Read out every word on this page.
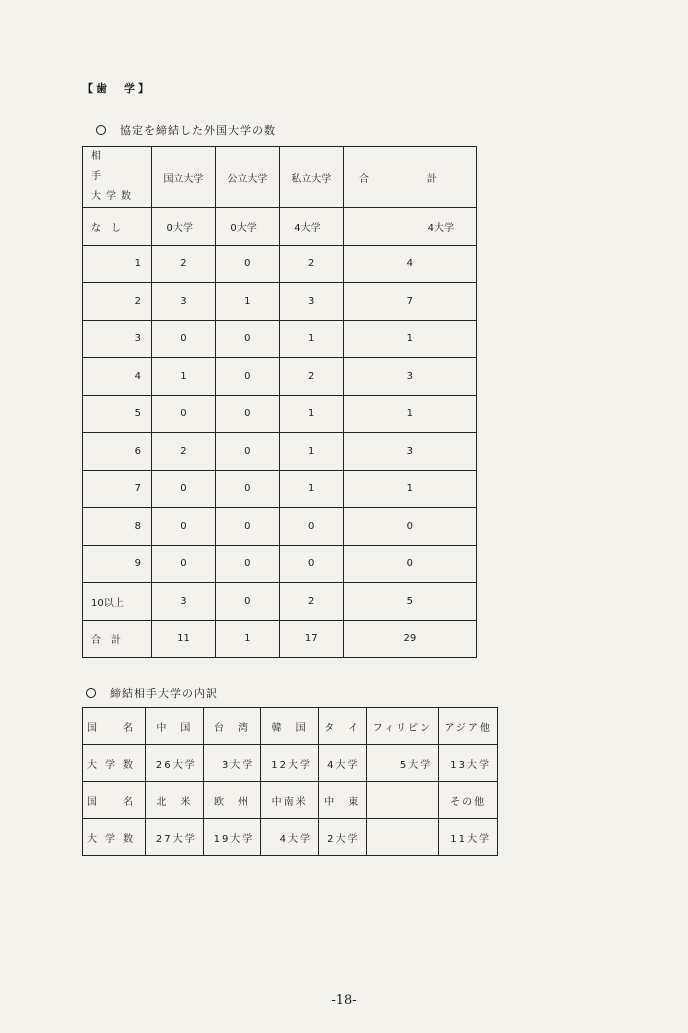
【歯　学】
協定を締結した外国大学の数
相　手
大学数	国立大学	公立大学	私立大学	合　計
な　し	0大学	0大学	4大学	4大学
1	2	0	2	4
2	3	1	3	7
3	0	0	1	1
4	1	0	2	3
5	0	0	1	1
6	2	0	1	3
7	0	0	1	1
8	0	0	0	0
9	0	0	0	0
10以上	3	0	2	5
合　計	11	1	17	29
締結相手大学の内訳
国　名	中　国	台　湾	韓　国	タ　イ	フィリピン	アジア他
大学数	26大学	3大学	12大学	4大学	5大学	13大学
国　名	北　米	欧　州	中南米	中　東		その他
大学数	27大学	19大学	4大学	2大学		11大学
-18-
